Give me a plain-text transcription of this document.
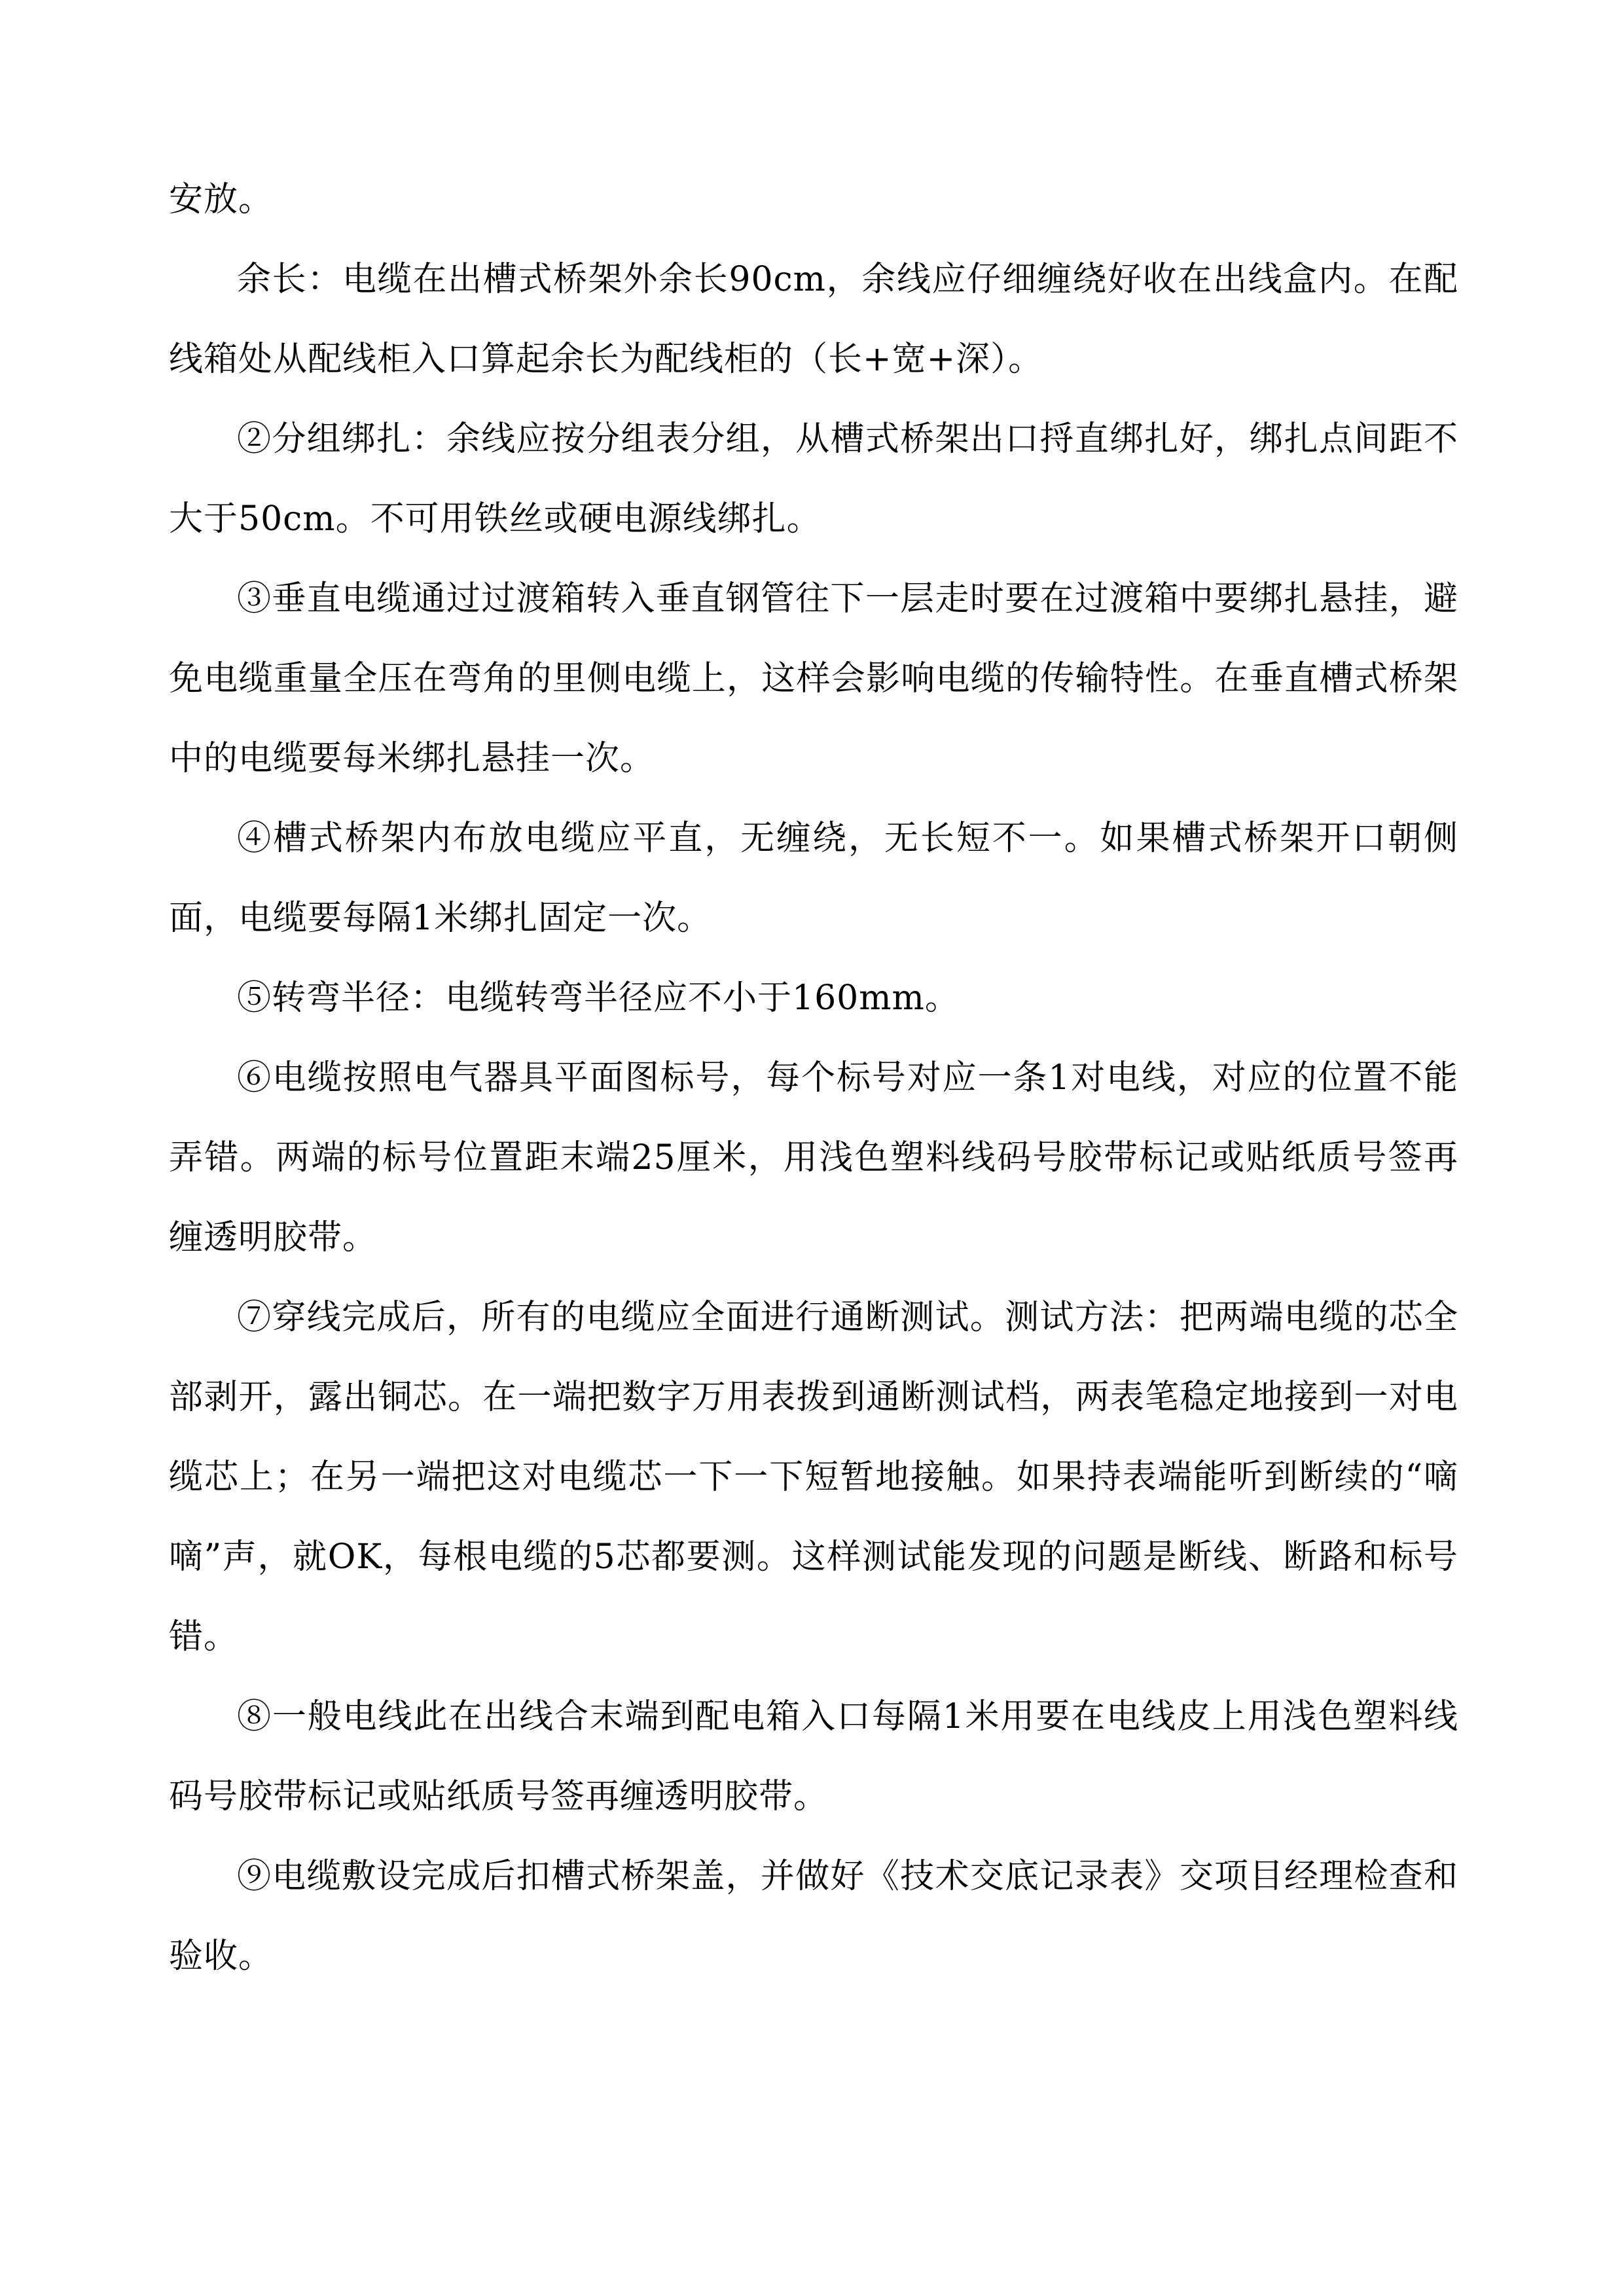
安放。

余长：电缆在出槽式桥架外余长90cm，余线应仔细缠绕好收在出线盒内。在配线箱处从配线柜入口算起余长为配线柜的（长+宽+深）。

②分组绑扎：余线应按分组表分组，从槽式桥架出口捋直绑扎好，绑扎点间距不大于50cm。不可用铁丝或硬电源线绑扎。

③垂直电缆通过过渡箱转入垂直钢管往下一层走时要在过渡箱中要绑扎悬挂，避免电缆重量全压在弯角的里侧电缆上，这样会影响电缆的传输特性。在垂直槽式桥架中的电缆要每米绑扎悬挂一次。

④槽式桥架内布放电缆应平直，无缠绕，无长短不一。如果槽式桥架开口朝侧面，电缆要每隔1米绑扎固定一次。

⑤转弯半径：电缆转弯半径应不小于160mm。

⑥电缆按照电气器具平面图标号，每个标号对应一条1对电线，对应的位置不能弄错。两端的标号位置距末端25厘米，用浅色塑料线码号胶带标记或贴纸质号签再缠透明胶带。

⑦穿线完成后，所有的电缆应全面进行通断测试。测试方法：把两端电缆的芯全部剥开，露出铜芯。在一端把数字万用表拨到通断测试档，两表笔稳定地接到一对电缆芯上；在另一端把这对电缆芯一下一下短暂地接触。如果持表端能听到断续的“嘀嘀”声，就OK，每根电缆的5芯都要测。这样测试能发现的问题是断线、断路和标号错。

⑧一般电线此在出线合末端到配电箱入口每隔1米用要在电线皮上用浅色塑料线码号胶带标记或贴纸质号签再缠透明胶带。

⑨电缆敷设完成后扣槽式桥架盖，并做好《技术交底记录表》交项目经理检查和验收。
